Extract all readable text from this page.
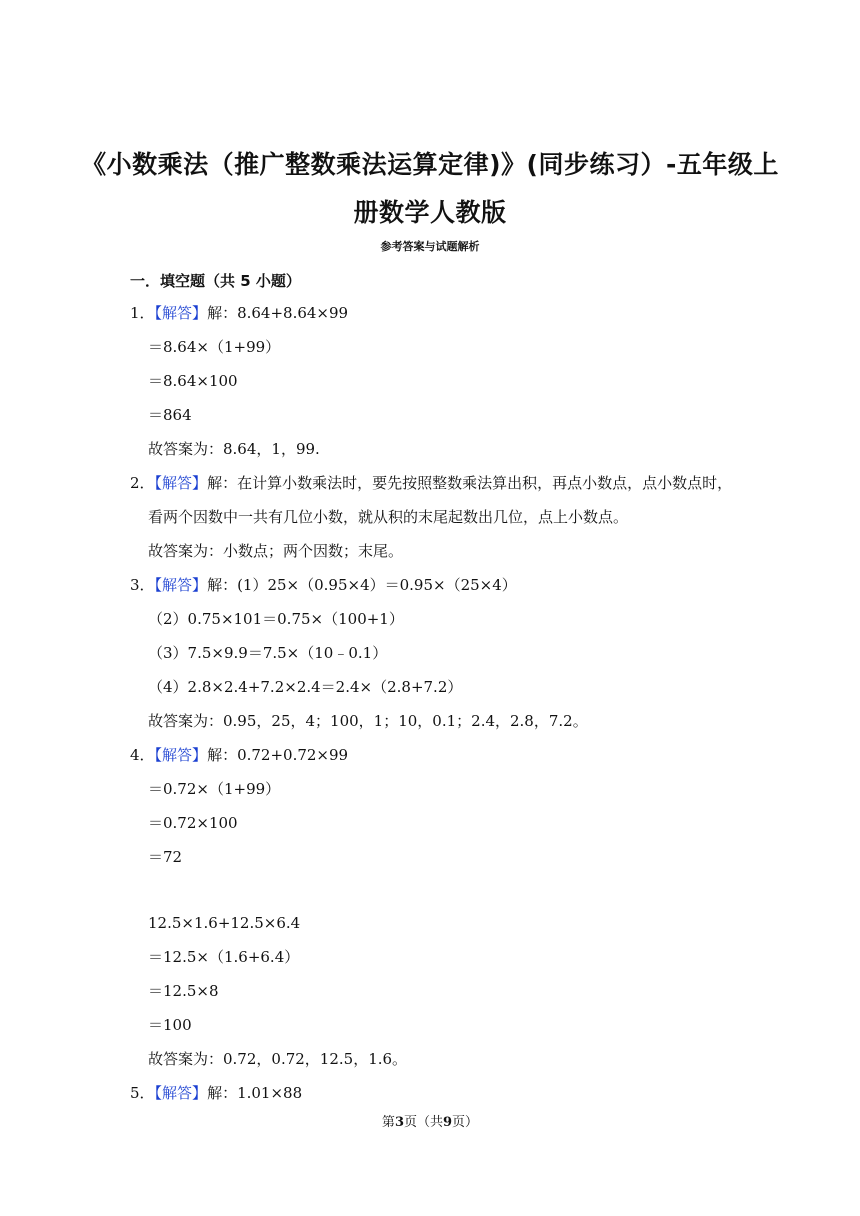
《小数乘法（推广整数乘法运算定律)》(同步练习）-五年级上
册数学人教版
参考答案与试题解析
一．填空题（共 5 小题）
1．【解答】解：8.64+8.64×99
＝8.64×（1+99）
＝8.64×100
＝864
故答案为：8.64，1，99.
2．【解答】解：在计算小数乘法时，要先按照整数乘法算出积，再点小数点，点小数点时，
看两个因数中一共有几位小数，就从积的末尾起数出几位，点上小数点。
故答案为：小数点；两个因数；末尾。
3．【解答】解：(1）25×（0.95×4）＝0.95×（25×4）
（2）0.75×101＝0.75×（100+1）
（3）7.5×9.9＝7.5×（10﹣0.1）
（4）2.8×2.4+7.2×2.4＝2.4×（2.8+7.2）
故答案为：0.95，25，4；100，1；10，0.1；2.4，2.8，7.2。
4．【解答】解：0.72+0.72×99
＝0.72×（1+99）
＝0.72×100
＝72
12.5×1.6+12.5×6.4
＝12.5×（1.6+6.4）
＝12.5×8
＝100
故答案为：0.72，0.72，12.5，1.6。
5．【解答】解：1.01×88
第3页（共9页）
